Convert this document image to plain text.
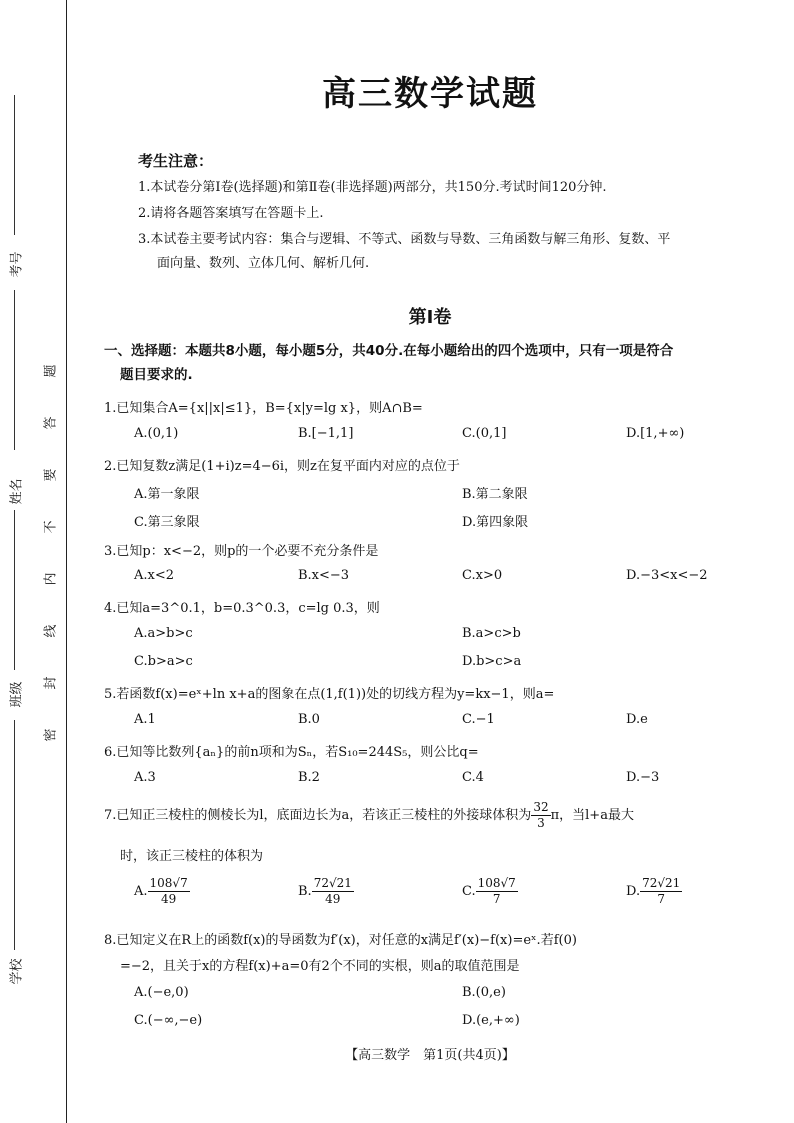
考号
姓名
班级
学校
题
答
要
不
内
线
封
密
高三数学试题
考生注意：
1.本试卷分第Ⅰ卷(选择题)和第Ⅱ卷(非选择题)两部分，共150分.考试时间120分钟.
2.请将各题答案填写在答题卡上.
3.本试卷主要考试内容：集合与逻辑、不等式、函数与导数、三角函数与解三角形、复数、平
面向量、数列、立体几何、解析几何.
第Ⅰ卷
一、选择题：本题共8小题，每小题5分，共40分.在每小题给出的四个选项中，只有一项是符合
题目要求的.
1.已知集合A={x||x|≤1}，B={x|y=lg x}，则A∩B=
A.(0,1)	B.[−1,1]	C.(0,1]	D.[1,+∞)
2.已知复数z满足(1+i)z=4−6i，则z在复平面内对应的点位于
A.第一象限	B.第二象限
C.第三象限	D.第四象限
3.已知p：x<−2，则p的一个必要不充分条件是
A.x<2	B.x<−3	C.x>0	D.−3<x<−2
4.已知a=3^0.1，b=0.3^0.3，c=lg 0.3，则
A.a>b>c	B.a>c>b
C.b>a>c	D.b>c>a
5.若函数f(x)=eˣ+ln x+a的图象在点(1,f(1))处的切线方程为y=kx−1，则a=
A.1	B.0	C.−1	D.e
6.已知等比数列{aₙ}的前n项和为Sₙ，若S₁₀=244S₅，则公比q=
A.3	B.2	C.4	D.−3
7.已知正三棱柱的侧棱长为l，底面边长为a，若该正三棱柱的外接球体积为 $\frac{32}{3}$ π，当l+a最大
时，该正三棱柱的体积为
A. $\frac{108√7}{49}$	B. $\frac{72√21}{49}$	C. $\frac{108√7}{7}$	D. $\frac{72√21}{7}$
8.已知定义在R上的函数f(x)的导函数为f′(x)，对任意的x满足f′(x)−f(x)=eˣ.若f(0)
=−2，且关于x的方程f(x)+a=0有2个不同的实根，则a的取值范围是
A.(−e,0)	B.(0,e)
C.(−∞,−e)	D.(e,+∞)
【高三数学　第1页(共4页)】
